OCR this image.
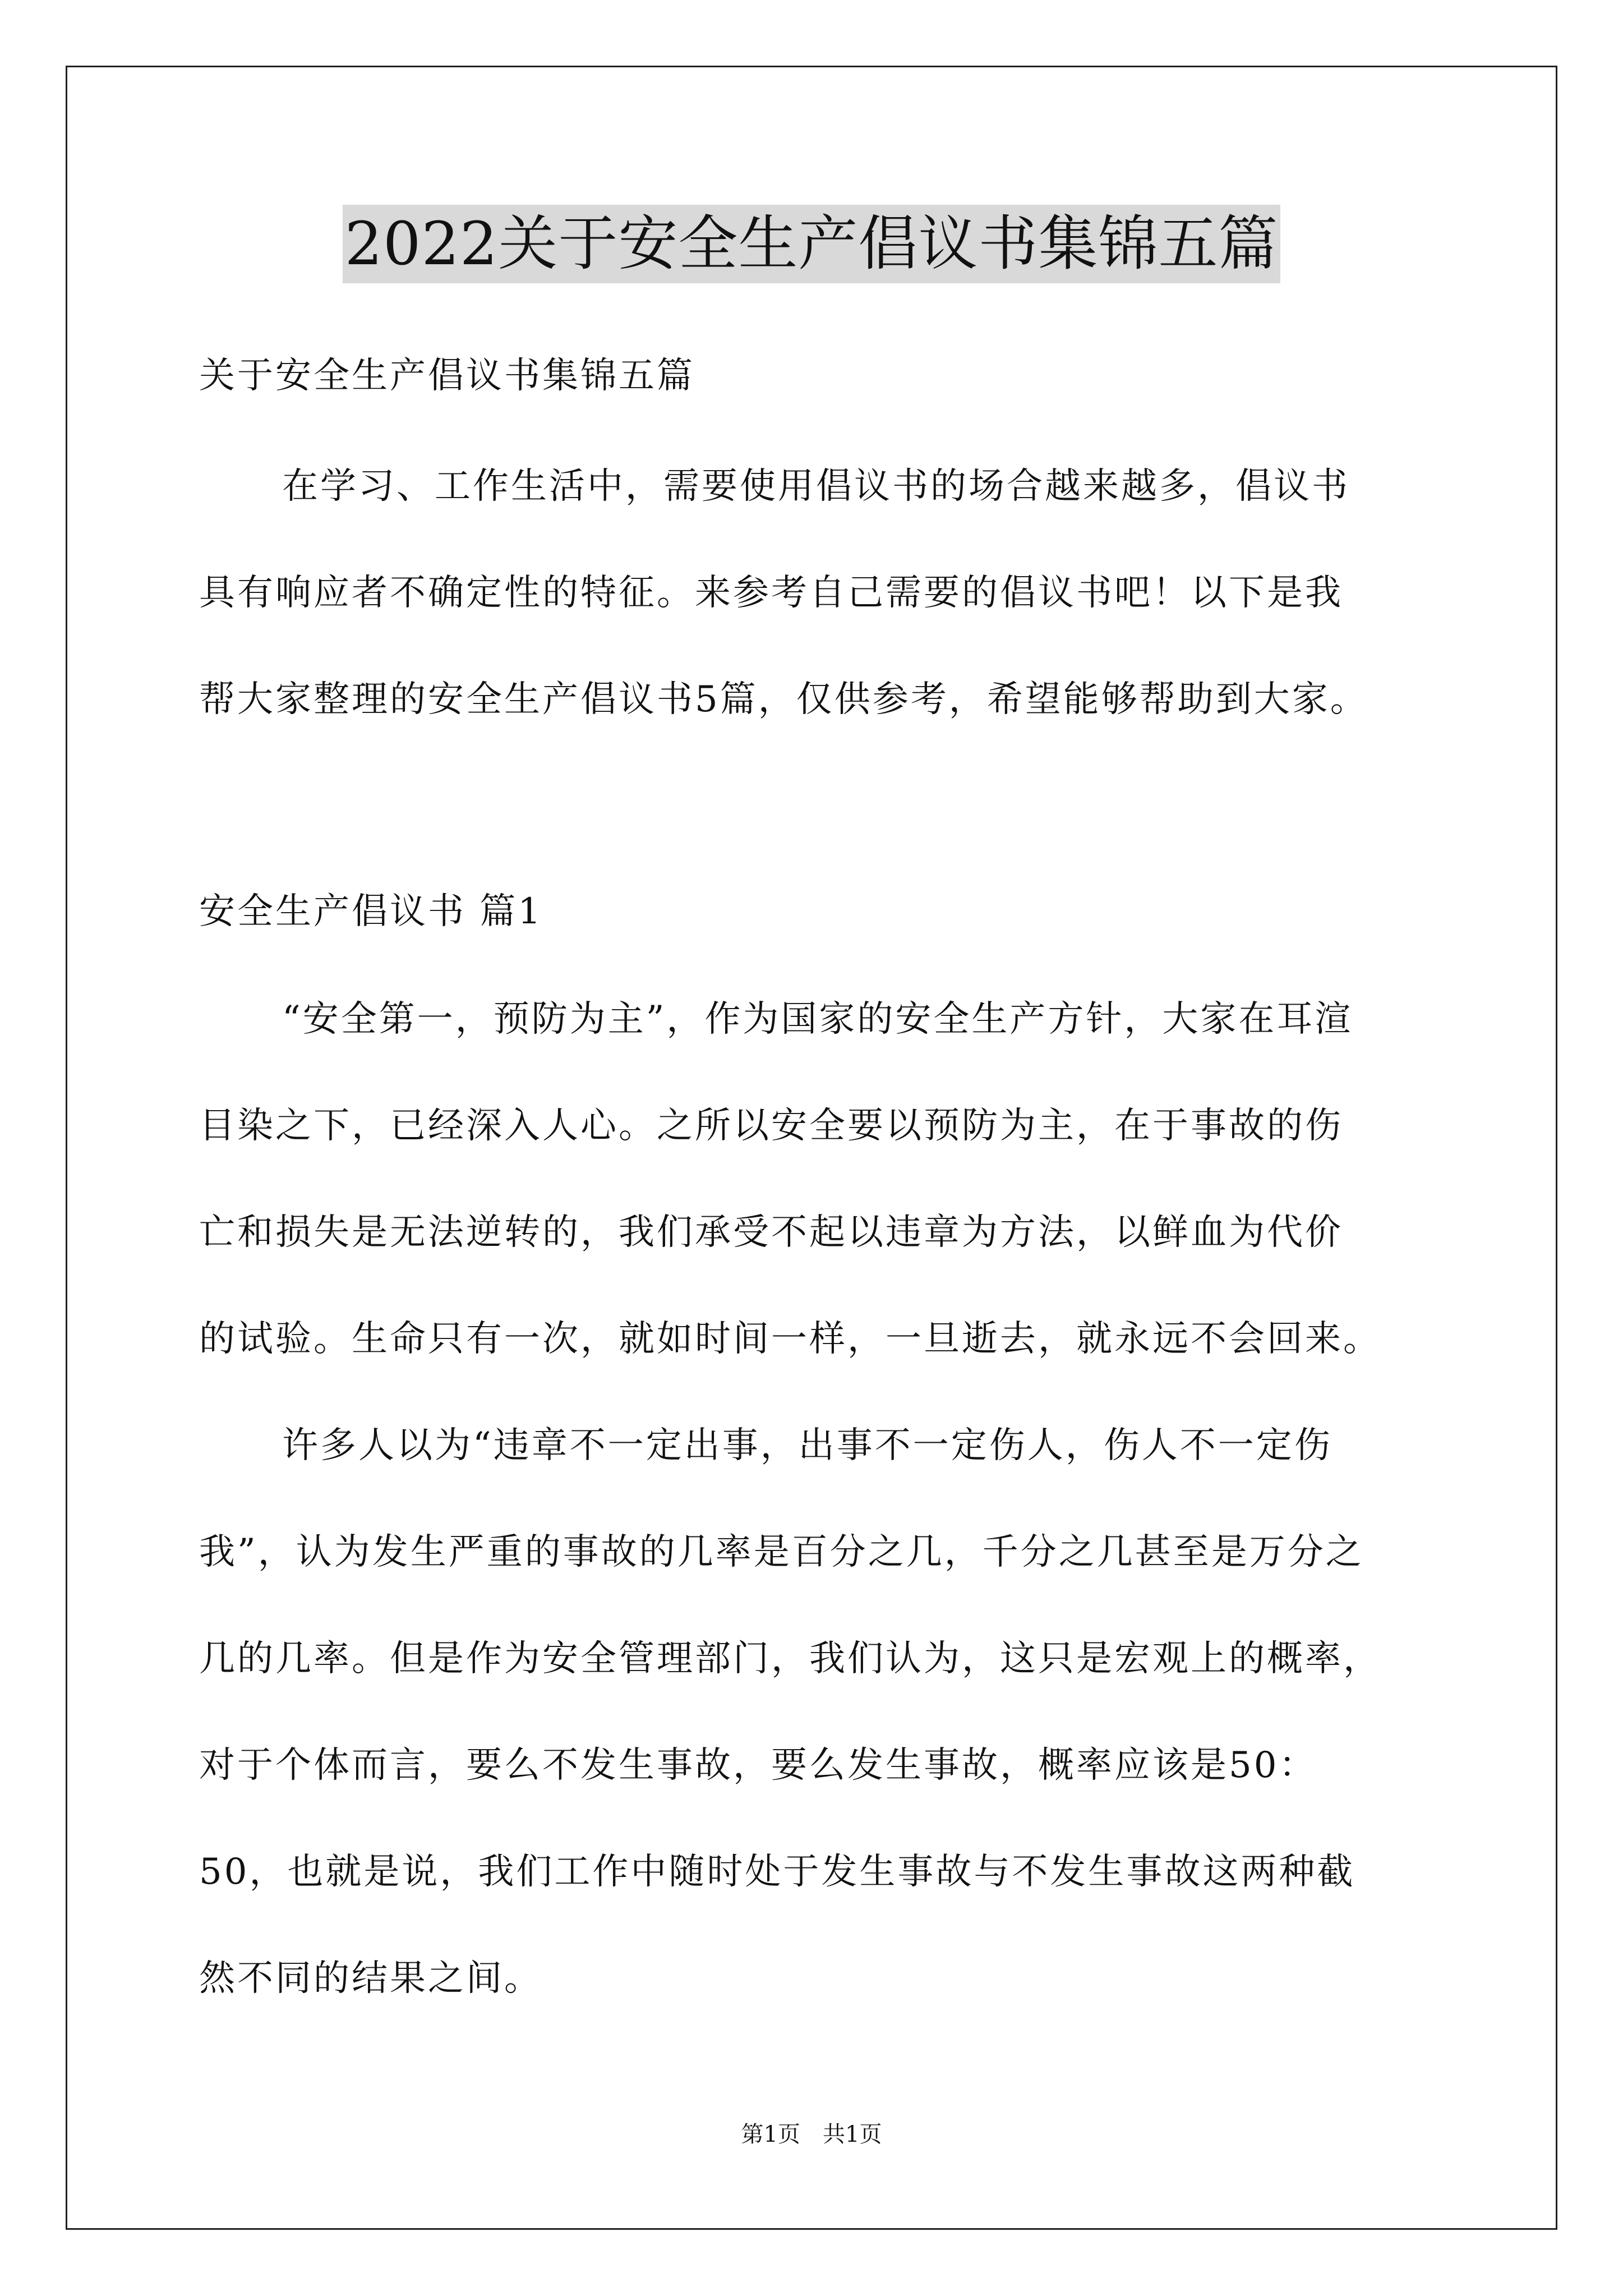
2022关于安全生产倡议书集锦五篇
关于安全生产倡议书集锦五篇
在学习、工作生活中，需要使用倡议书的场合越来越多，倡议书
具有响应者不确定性的特征。来参考自己需要的倡议书吧！以下是我
帮大家整理的安全生产倡议书5篇，仅供参考，希望能够帮助到大家。
安全生产倡议书 篇1
“安全第一，预防为主”，作为国家的安全生产方针，大家在耳渲
目染之下，已经深入人心。之所以安全要以预防为主，在于事故的伤
亡和损失是无法逆转的，我们承受不起以违章为方法，以鲜血为代价
的试验。生命只有一次，就如时间一样，一旦逝去，就永远不会回来。
许多人以为“违章不一定出事，出事不一定伤人，伤人不一定伤
我”，认为发生严重的事故的几率是百分之几，千分之几甚至是万分之
几的几率。但是作为安全管理部门，我们认为，这只是宏观上的概率，
对于个体而言，要么不发生事故，要么发生事故，概率应该是50：
50，也就是说，我们工作中随时处于发生事故与不发生事故这两种截
然不同的结果之间。
第1页　共1页
